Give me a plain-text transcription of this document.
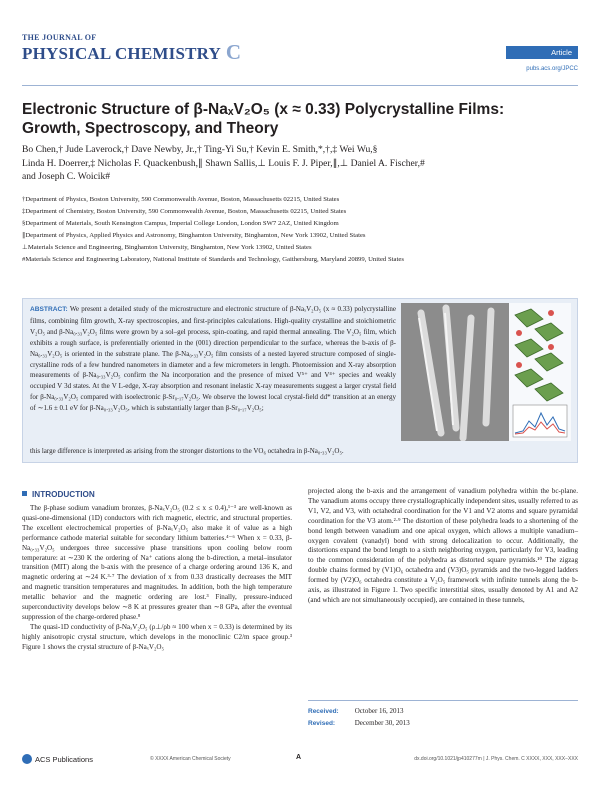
THE JOURNAL OF
PHYSICAL CHEMISTRY C	Article
pubs.acs.org/JPCC
Electronic Structure of β-NaₓV₂O₅ (x ≈ 0.33) Polycrystalline Films:
Growth, Spectroscopy, and Theory
Bo Chen,† Jude Laverock,† Dave Newby, Jr.,† Ting-Yi Su,† Kevin E. Smith,*,†,‡ Wei Wu,§
Linda H. Doerrer,‡ Nicholas F. Quackenbush,∥ Shawn Sallis,⊥ Louis F. J. Piper,∥,⊥ Daniel A. Fischer,#
and Joseph C. Woicik#

†Department of Physics, Boston University, 590 Commonwealth Avenue, Boston, Massachusetts 02215, United States

‡Department of Chemistry, Boston University, 590 Commonwealth Avenue, Boston, Massachusetts 02215, United States

§Department of Materials, South Kensington Campus, Imperial College London, London SW7 2AZ, United Kingdom

∥Department of Physics, Applied Physics and Astronomy, Binghamton University, Binghamton, New York 13902, United States

⊥Materials Science and Engineering, Binghamton University, Binghamton, New York 13902, United States

#Materials Science and Engineering Laboratory, National Institute of Standards and Technology, Gaithersburg, Maryland 20899, United States

ABSTRACT: We present a detailed study of the microstructure and electronic structure of β-NaₓV₂O₅ (x ≈ 0.33) polycrystalline films, combining film growth, X-ray spectroscopies, and first-principles calculations. High-quality crystalline and stoichiometric V₂O₅ and β-Na₀.₃₃V₂O₅ films were grown by a sol–gel process, spin-coating, and rapid thermal annealing. The V₂O₅ film, which exhibits a rough surface, is preferentially oriented in the (001) direction perpendicular to the surface, whereas the b-axis of β-Na₀.₃₃V₂O₅ is oriented in the substrate plane. The β-Na₀.₃₃V₂O₅ film consists of a nested layered structure composed of single-crystalline rods of a few hundred nanometers in diameter and a few micrometers in length. Photoemission and X-ray absorption measurements of β-Na₀.₃₃V₂O₅ confirm the Na incorporation and the presence of mixed V⁵⁺ and V⁴⁺ species and weakly occupied V 3d states. At the V L-edge, X-ray absorption and resonant inelastic X-ray measurements suggest a larger crystal field for β-Na₀.₃₃V₂O₅ compared with isoelectronic β-Sr₀.₁₇V₂O₅. We observe the lowest local crystal-field dd* transition at an energy of ∼1.6 ± 0.1 eV for β-Na₀.₃₃V₂O₅, which is substantially larger than β-Sr₀.₁₇V₂O₅;
this large difference is interpreted as arising from the stronger distortions to the VO₆ octahedra in β-Na₀.₃₃V₂O₅.
INTRODUCTION

The β-phase sodium vanadium bronzes, β-NaₓV₂O₅ (0.2 ≤ x ≤ 0.4),¹⁻³ are well-known as quasi-one-dimensional (1D) conductors with rich magnetic, electric, and structural properties. The excellent electrochemical properties of β-NaₓV₂O₅ also make it of value as a high performance cathode material suitable for secondary lithium batteries.⁴⁻⁶ When x = 0.33, β-Na₀.₃₃V₂O₅ undergoes three successive phase transitions upon cooling below room temperature: at ∼230 K the ordering of Na⁺ cations along the b-direction, a metal–insulator transition (MIT) along the b-axis with the presence of a charge ordering around 136 K, and magnetic ordering at ∼24 K.³·⁷ The deviation of x from 0.33 drastically decreases the MIT and magnetic transition temperatures and magnitudes. In addition, both the high temperature metallic behavior and the magnetic ordering are lost.³ Finally, pressure-induced superconductivity develops below ∼8 K at pressures greater than ∼8 GPa, after the eventual suppression of the charge-ordered phase.⁸

The quasi-1D conductivity of β-NaₓV₂O₅ (ρ⊥/ρb ≈ 100 when x = 0.33) is determined by its highly anisotropic crystal structure, which develops in the monoclinic C2/m space group.³ Figure 1 shows the crystal structure of β-NaₓV₂O₅

projected along the b-axis and the arrangement of vanadium polyhedra within the bc-plane. The vanadium atoms occupy three crystallographically independent sites, usually referred to as V1, V2, and V3, with octahedral coordination for the V1 and V2 atoms and square pyramidal coordination for the V3 atom.²·⁹ The distortion of these polyhedra leads to a shortening of the bond length between vanadium and one apical oxygen, which allows a multiple vanadium–oxygen covalent (vanadyl) bond with strong delocalization to occur. Additionally, the distortions expand the bond length to a sixth neighboring oxygen, particularly for V3, leading to the common consideration of the polyhedra as distorted square pyramids.¹⁰ The zigzag double chains formed by (V1)O₆ octahedra and (V3)O₅ pyramids and the two-legged ladders formed by (V2)O₆ octahedra constitute a V₂O₅ framework with infinite tunnels along the b-axis, as illustrated in Figure 1. Two specific interstitial sites, usually denoted by A1 and A2 (and which are not simultaneously occupied), are contained in these tunnels,

Received: October 16, 2013
Revised:	December 30, 2013
ACS Publications	© XXXX American Chemical Society	A	dx.doi.org/10.1021/jp410277m | J. Phys. Chem. C XXXX, XXX, XXX−XXX
